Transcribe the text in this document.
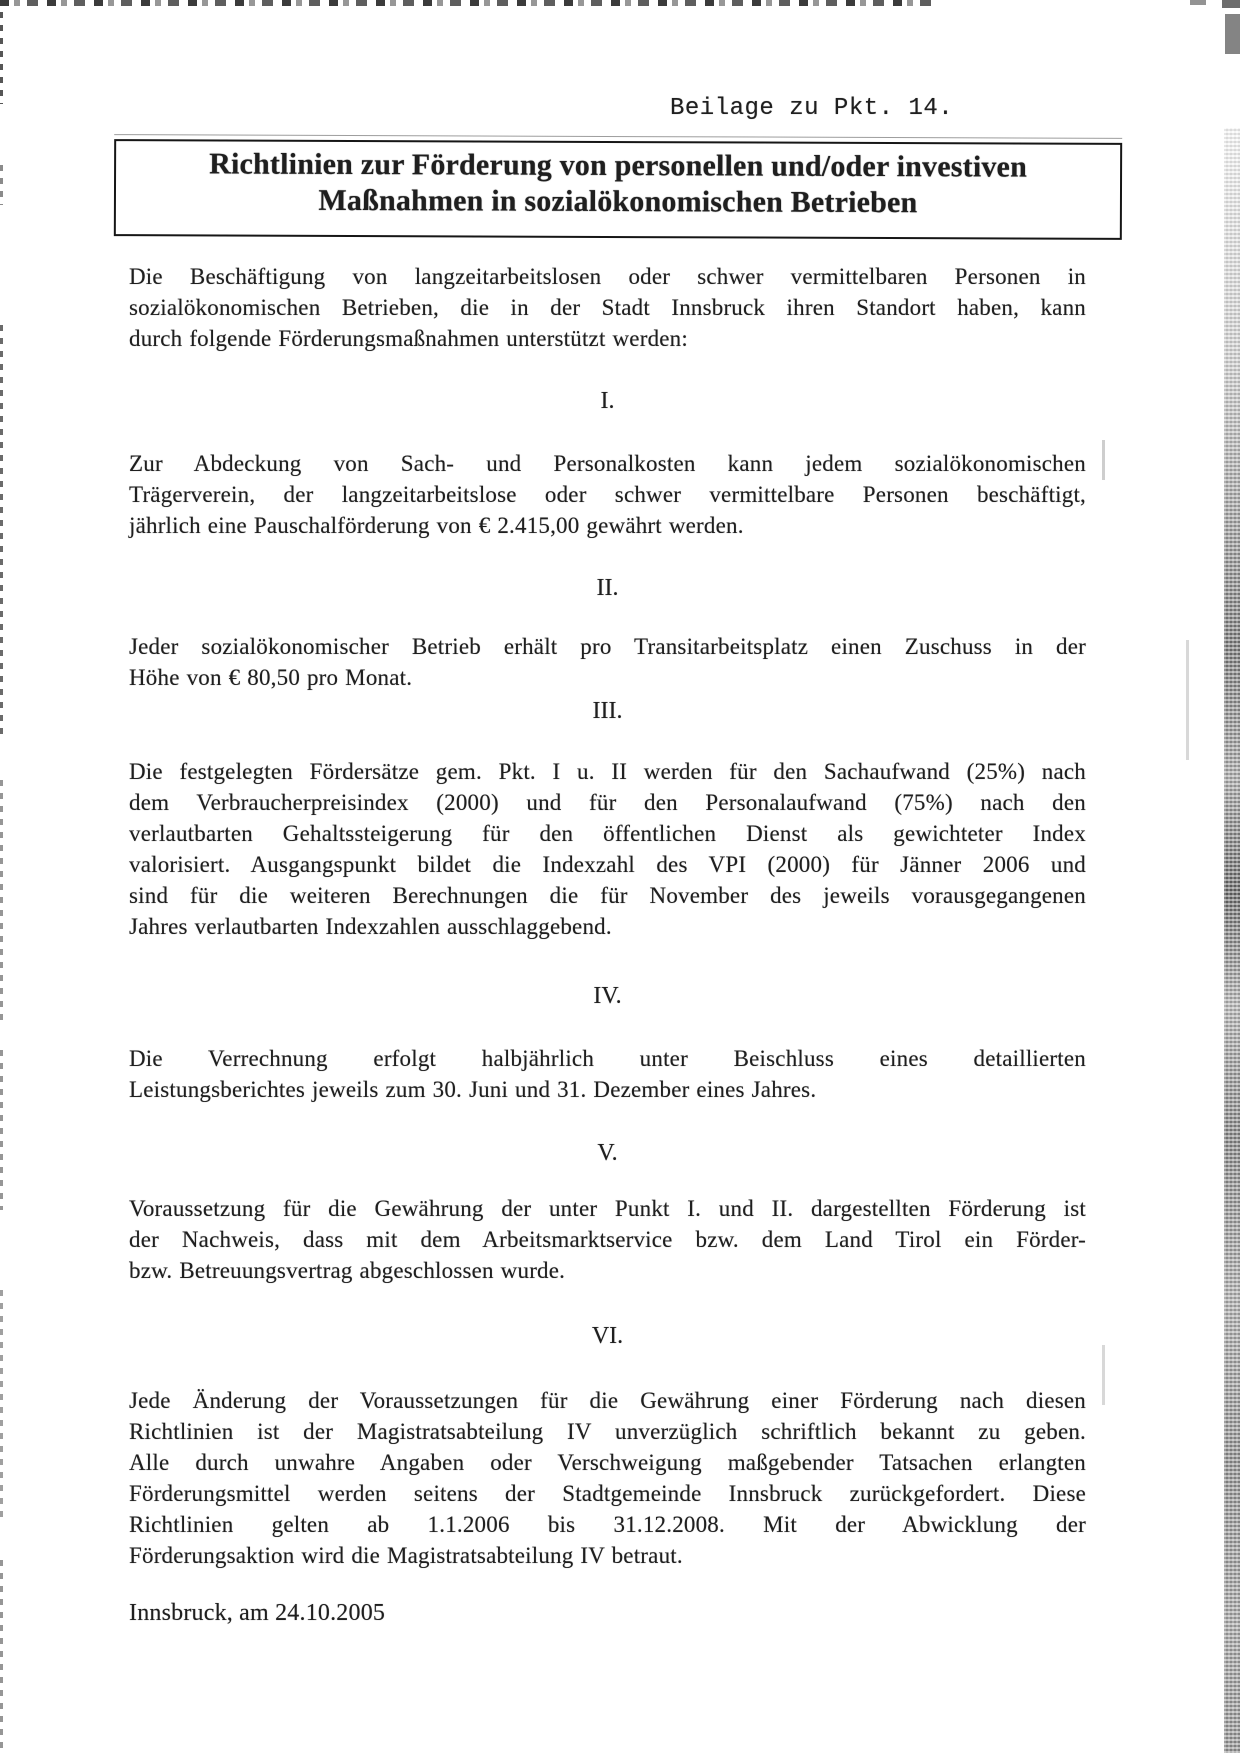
Beilage zu Pkt. 14.
Richtlinien zur Förderung von personellen und/oder investiven
Maßnahmen in sozialökonomischen Betrieben
Die Beschäftigung von langzeitarbeitslosen oder schwer vermittelbaren Personen in
sozialökonomischen Betrieben, die in der Stadt Innsbruck ihren Standort haben, kann
durch folgende Förderungsmaßnahmen unterstützt werden:
I.
Zur Abdeckung von Sach- und Personalkosten kann jedem sozialökonomischen
Trägerverein, der langzeitarbeitslose oder schwer vermittelbare Personen beschäftigt,
jährlich eine Pauschalförderung von € 2.415,00 gewährt werden.
II.
Jeder sozialökonomischer Betrieb erhält pro Transitarbeitsplatz einen Zuschuss in der
Höhe von € 80,50 pro Monat.
III.
Die festgelegten Fördersätze gem. Pkt. I u. II werden für den Sachaufwand (25%) nach
dem Verbraucherpreisindex (2000) und für den Personalaufwand (75%) nach den
verlautbarten Gehaltssteigerung für den öffentlichen Dienst als gewichteter Index
valorisiert. Ausgangspunkt bildet die Indexzahl des VPI (2000) für Jänner 2006 und
sind für die weiteren Berechnungen die für November des jeweils vorausgegangenen
Jahres verlautbarten Indexzahlen ausschlaggebend.
IV.
Die Verrechnung erfolgt halbjährlich unter Beischluss eines detaillierten
Leistungsberichtes jeweils zum 30. Juni und 31. Dezember eines Jahres.
V.
Voraussetzung für die Gewährung der unter Punkt I. und II. dargestellten Förderung ist
der Nachweis, dass mit dem Arbeitsmarktservice bzw. dem Land Tirol ein Förder-
bzw. Betreuungsvertrag abgeschlossen wurde.
VI.
Jede Änderung der Voraussetzungen für die Gewährung einer Förderung nach diesen
Richtlinien ist der Magistratsabteilung IV unverzüglich schriftlich bekannt zu geben.
Alle durch unwahre Angaben oder Verschweigung maßgebender Tatsachen erlangten
Förderungsmittel werden seitens der Stadtgemeinde Innsbruck zurückgefordert. Diese
Richtlinien gelten ab 1.1.2006 bis 31.12.2008. Mit der Abwicklung der
Förderungsaktion wird die Magistratsabteilung IV betraut.
Innsbruck, am 24.10.2005
